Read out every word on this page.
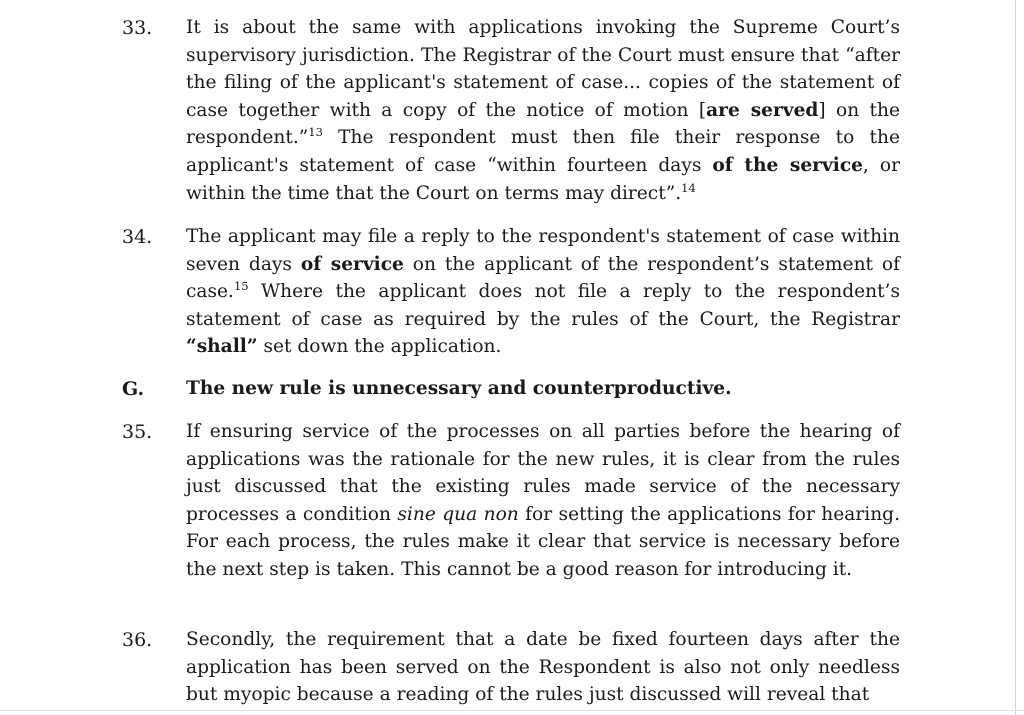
33. It is about the same with applications invoking the Supreme Court’s supervisory jurisdiction. The Registrar of the Court must ensure that “after the filing of the applicant's statement of case... copies of the statement of case together with a copy of the notice of motion [are served] on the respondent.”$^{13}$ The respondent must then file their response to the applicant's statement of case “within fourteen days of the service, or within the time that the Court on terms may direct”.$^{14}$
34. The applicant may file a reply to the respondent's statement of case within seven days of service on the applicant of the respondent’s statement of case.$^{15}$ Where the applicant does not file a reply to the respondent’s statement of case as required by the rules of the Court, the Registrar “shall” set down the application.
G. The new rule is unnecessary and counterproductive.
35. If ensuring service of the processes on all parties before the hearing of applications was the rationale for the new rules, it is clear from the rules just discussed that the existing rules made service of the necessary processes a condition sine qua non for setting the applications for hearing. For each process, the rules make it clear that service is necessary before the next step is taken. This cannot be a good reason for introducing it.
36. Secondly, the requirement that a date be fixed fourteen days after the application has been served on the Respondent is also not only needless but myopic because a reading of the rules just discussed will reveal that
